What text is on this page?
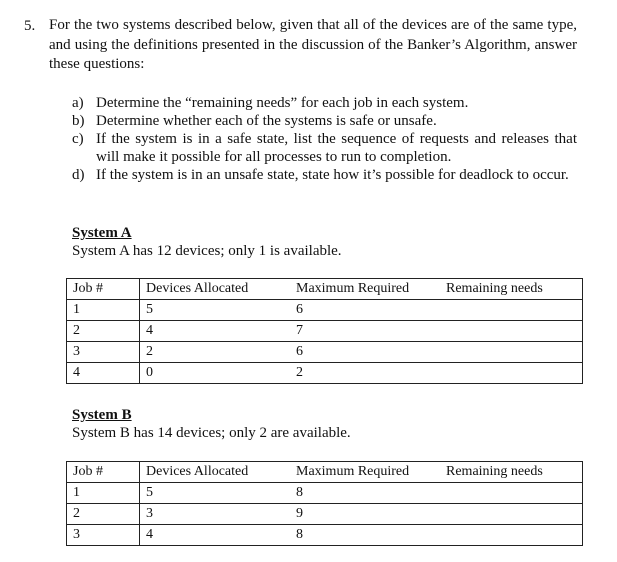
5. For the two systems described below, given that all of the devices are of the same type, and using the definitions presented in the discussion of the Banker’s Algorithm, answer these questions:
a) Determine the “remaining needs” for each job in each system.
b) Determine whether each of the systems is safe or unsafe.
c) If the system is in a safe state, list the sequence of requests and releases that will make it possible for all processes to run to completion.
d) If the system is in an unsafe state, state how it’s possible for deadlock to occur.
System A
System A has 12 devices; only 1 is available.
Job #	Devices Allocated	Maximum Required	Remaining needs
1	5	6	
2	4	7	
3	2	6	
4	0	2	
System B
System B has 14 devices; only 2 are available.
Job #	Devices Allocated	Maximum Required	Remaining needs
1	5	8	
2	3	9	
3	4	8	
